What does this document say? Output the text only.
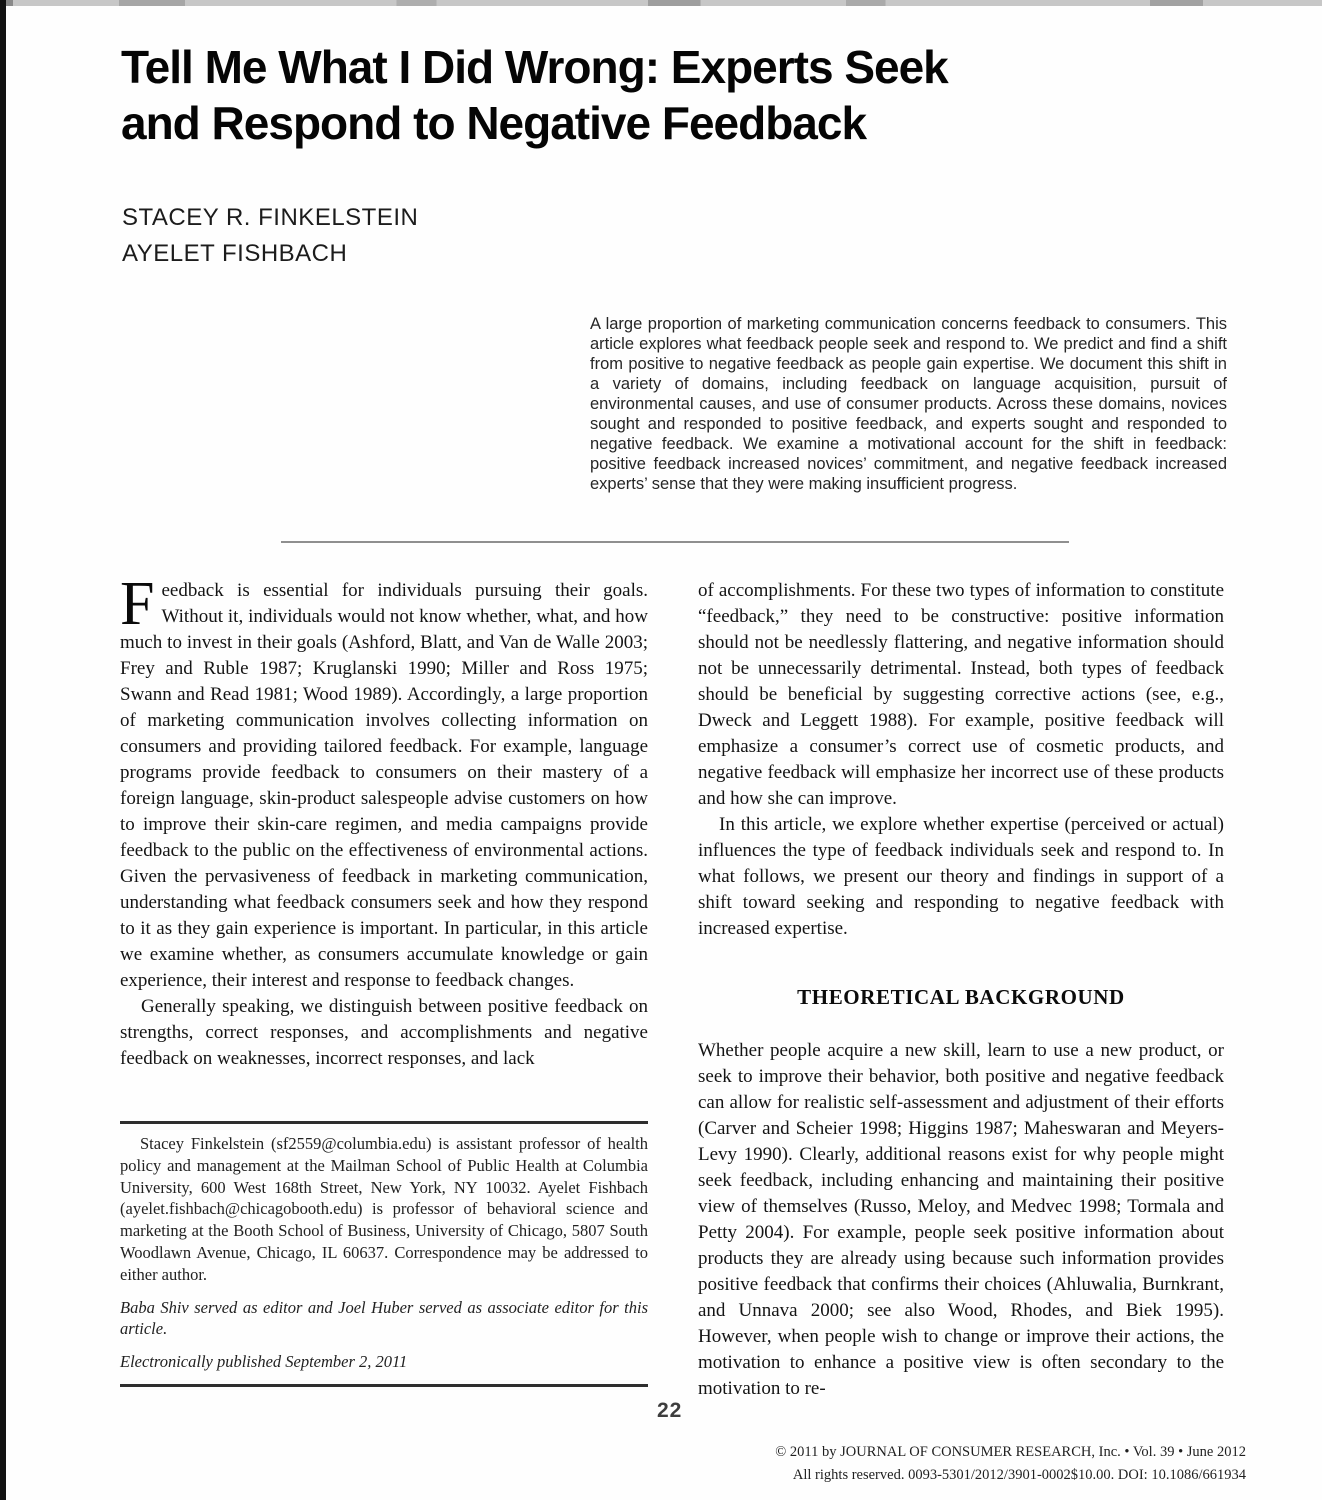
Tell Me What I Did Wrong: Experts Seek
and Respond to Negative Feedback
STACEY R. FINKELSTEIN
AYELET FISHBACH
A large proportion of marketing communication concerns feedback to consumers. This article explores what feedback people seek and respond to. We predict and find a shift from positive to negative feedback as people gain expertise. We document this shift in a variety of domains, including feedback on language acquisition, pursuit of environmental causes, and use of consumer products. Across these domains, novices sought and responded to positive feedback, and experts sought and responded to negative feedback. We examine a motivational account for the shift in feedback: positive feedback increased novices’ commitment, and negative feedback increased experts’ sense that they were making insufficient progress.

Feedback is essential for individuals pursuing their goals. Without it, individuals would not know whether, what, and how much to invest in their goals (Ashford, Blatt, and Van de Walle 2003; Frey and Ruble 1987; Kruglanski 1990; Miller and Ross 1975; Swann and Read 1981; Wood 1989). Accordingly, a large proportion of marketing communication involves collecting information on consumers and providing tailored feedback. For example, language programs provide feedback to consumers on their mastery of a foreign language, skin-product salespeople advise customers on how to improve their skin-care regimen, and media campaigns provide feedback to the public on the effectiveness of environmental actions. Given the pervasiveness of feedback in marketing communication, understanding what feedback consumers seek and how they respond to it as they gain experience is important. In particular, in this article we examine whether, as consumers accumulate knowledge or gain experience, their interest and response to feedback changes.

Generally speaking, we distinguish between positive feedback on strengths, correct responses, and accomplishments and negative feedback on weaknesses, incorrect responses, and lack

of accomplishments. For these two types of information to constitute “feedback,” they need to be constructive: positive information should not be needlessly flattering, and negative information should not be unnecessarily detrimental. Instead, both types of feedback should be beneficial by suggesting corrective actions (see, e.g., Dweck and Leggett 1988). For example, positive feedback will emphasize a consumer’s correct use of cosmetic products, and negative feedback will emphasize her incorrect use of these products and how she can improve.

In this article, we explore whether expertise (perceived or actual) influences the type of feedback individuals seek and respond to. In what follows, we present our theory and findings in support of a shift toward seeking and responding to negative feedback with increased expertise.

THEORETICAL BACKGROUND

Whether people acquire a new skill, learn to use a new product, or seek to improve their behavior, both positive and negative feedback can allow for realistic self-assessment and adjustment of their efforts (Carver and Scheier 1998; Higgins 1987; Maheswaran and Meyers-Levy 1990). Clearly, additional reasons exist for why people might seek feedback, including enhancing and maintaining their positive view of themselves (Russo, Meloy, and Medvec 1998; Tormala and Petty 2004). For example, people seek positive information about products they are already using because such information provides positive feedback that confirms their choices (Ahluwalia, Burnkrant, and Unnava 2000; see also Wood, Rhodes, and Biek 1995). However, when people wish to change or improve their actions, the motivation to enhance a positive view is often secondary to the motivation to re-

Stacey Finkelstein (sf2559@columbia.edu) is assistant professor of health policy and management at the Mailman School of Public Health at Columbia University, 600 West 168th Street, New York, NY 10032. Ayelet Fishbach (ayelet.fishbach@chicagobooth.edu) is professor of behavioral science and marketing at the Booth School of Business, University of Chicago, 5807 South Woodlawn Avenue, Chicago, IL 60637. Correspondence may be addressed to either author.

Baba Shiv served as editor and Joel Huber served as associate editor for this article.

Electronically published September 2, 2011

22
© 2011 by JOURNAL OF CONSUMER RESEARCH, Inc. • Vol. 39 • June 2012
All rights reserved. 0093-5301/2012/3901-0002$10.00. DOI: 10.1086/661934
